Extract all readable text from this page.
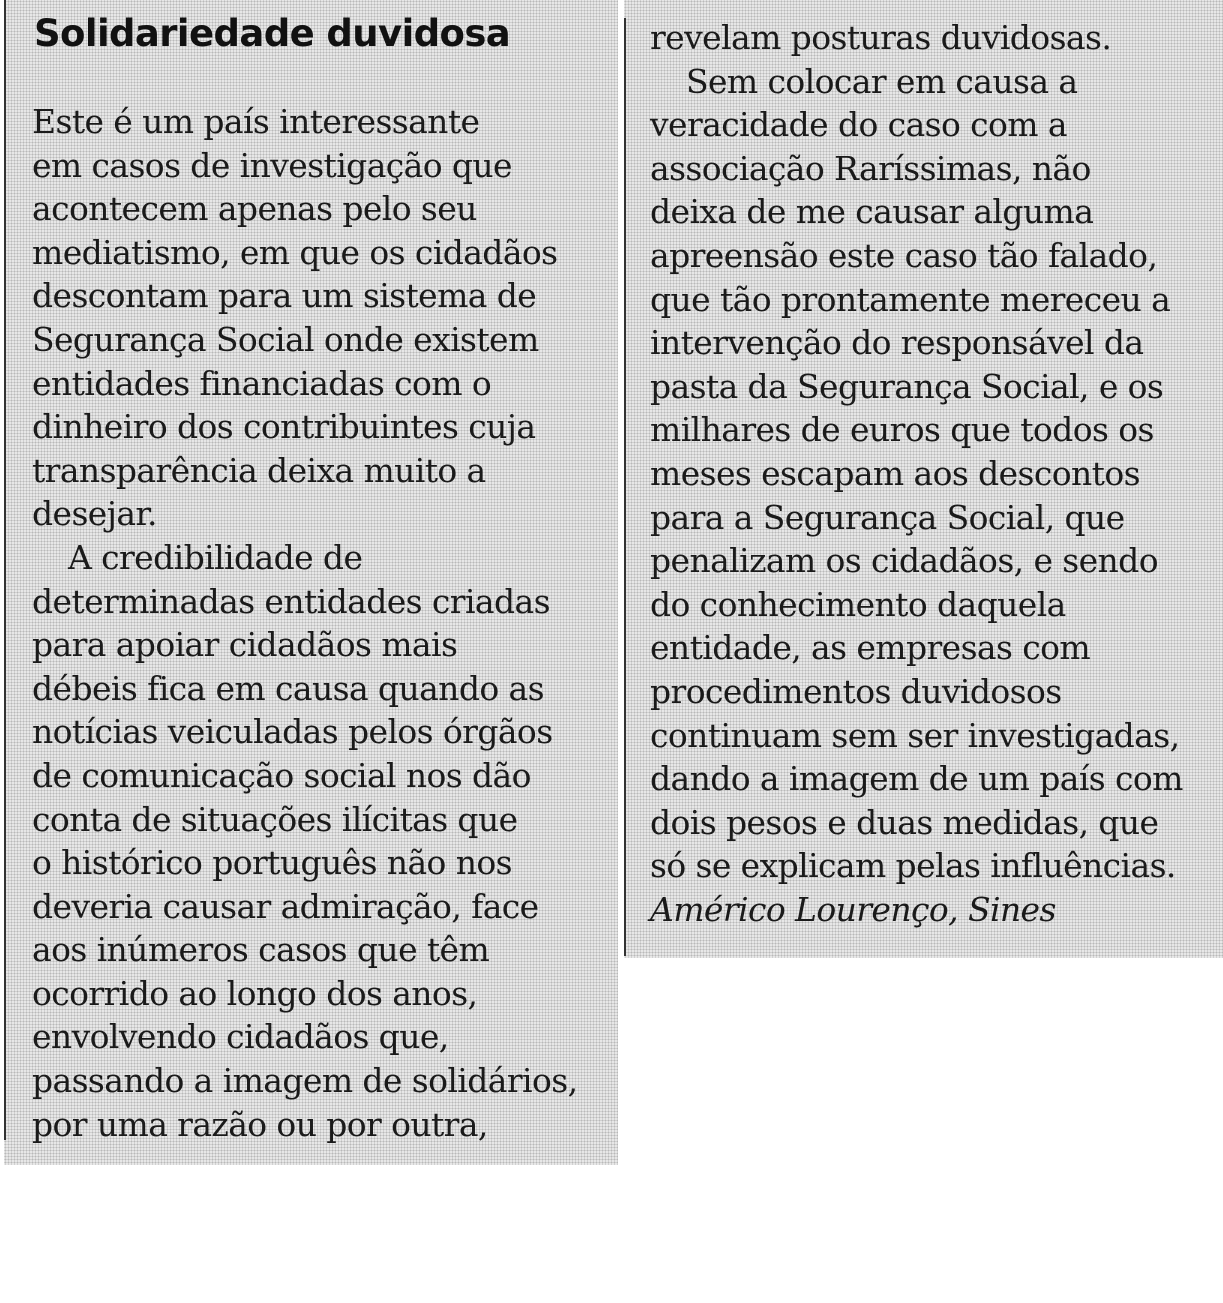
Solidariedade duvidosa
Este é um país interessante
em casos de investigação que
acontecem apenas pelo seu
mediatismo, em que os cidadãos
descontam para um sistema de
Segurança Social onde existem
entidades financiadas com o
dinheiro dos contribuintes cuja
transparência deixa muito a
desejar.
A credibilidade de
determinadas entidades criadas
para apoiar cidadãos mais
débeis fica em causa quando as
notícias veiculadas pelos órgãos
de comunicação social nos dão
conta de situações ilícitas que
o histórico português não nos
deveria causar admiração, face
aos inúmeros casos que têm
ocorrido ao longo dos anos,
envolvendo cidadãos que,
passando a imagem de solidários,
por uma razão ou por outra,
revelam posturas duvidosas.
Sem colocar em causa a
veracidade do caso com a
associação Raríssimas, não
deixa de me causar alguma
apreensão este caso tão falado,
que tão prontamente mereceu a
intervenção do responsável da
pasta da Segurança Social, e os
milhares de euros que todos os
meses escapam aos descontos
para a Segurança Social, que
penalizam os cidadãos, e sendo
do conhecimento daquela
entidade, as empresas com
procedimentos duvidosos
continuam sem ser investigadas,
dando a imagem de um país com
dois pesos e duas medidas, que
só se explicam pelas influências.
Américo Lourenço, Sines
